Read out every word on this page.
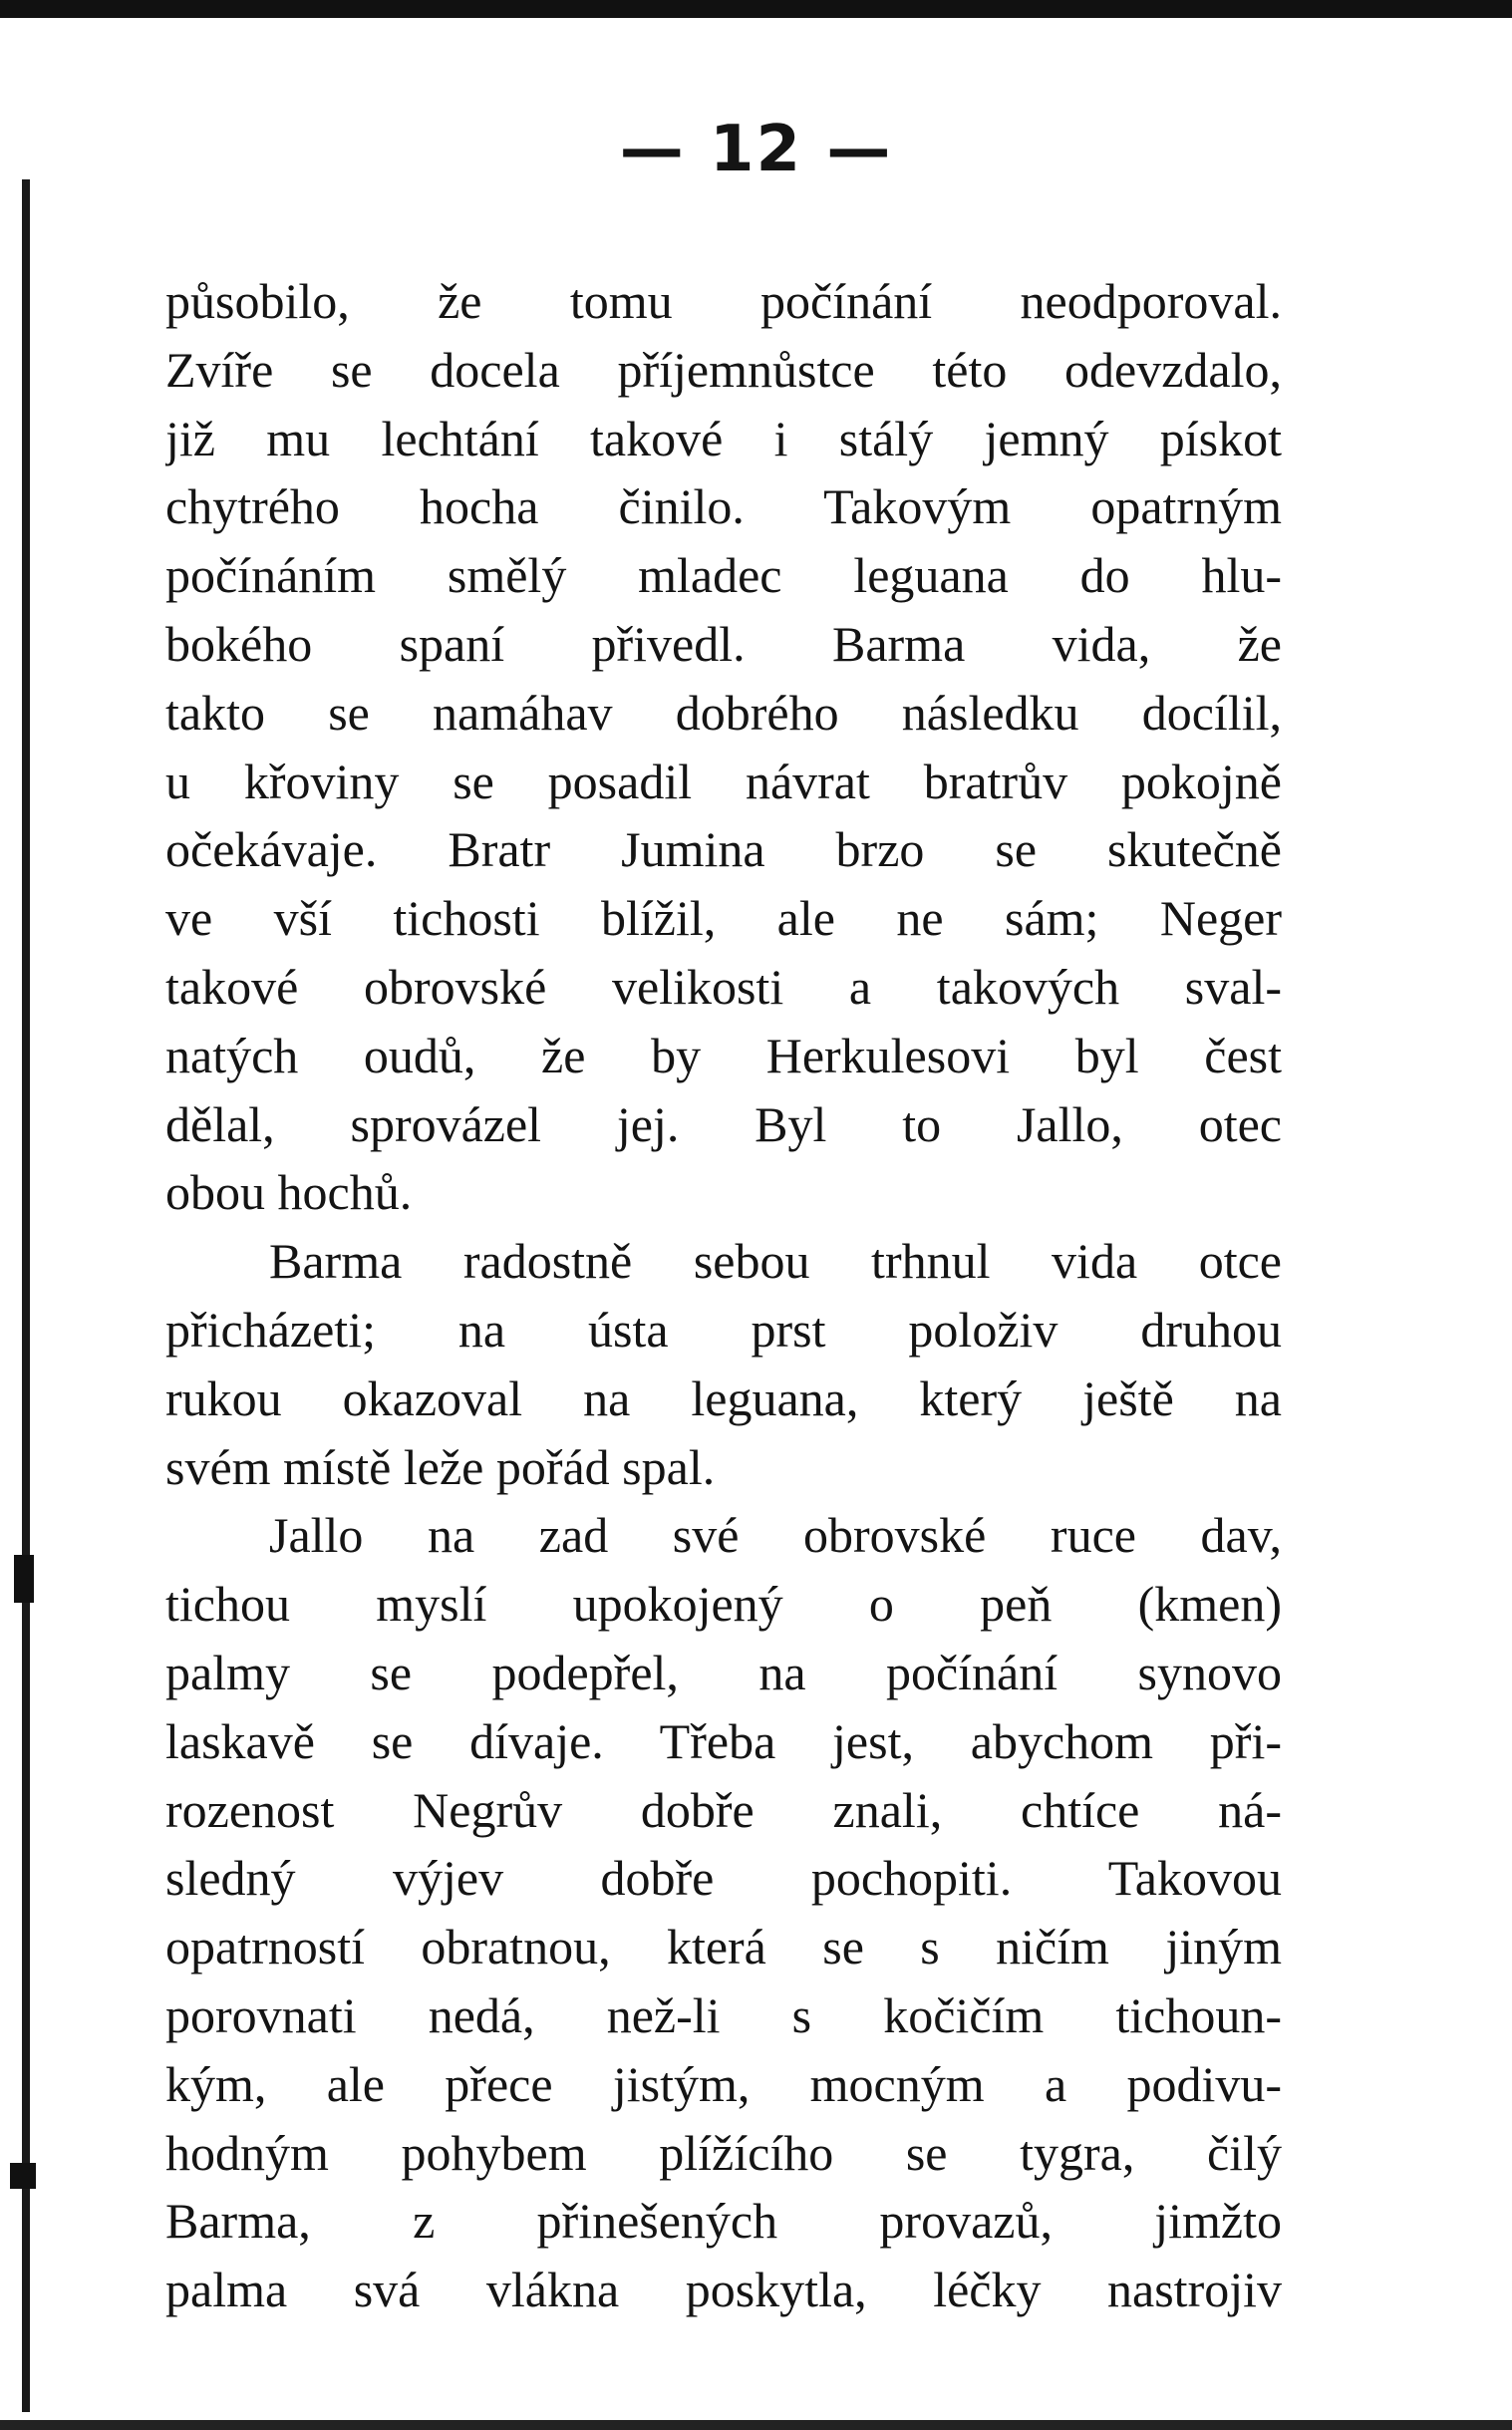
— 12 —
působilo, že tomu počínání neodporoval.
Zvíře se docela příjemnůstce této odevzdalo,
již mu lechtání takové i stálý jemný pískot
chytrého hocha činilo. Takovým opatrným
počínáním smělý mladec leguana do hlu-
bokého spaní přivedl. Barma vida, že
takto se namáhav dobrého následku docílil,
u křoviny se posadil návrat bratrův pokojně
očekávaje. Bratr Jumina brzo se skutečně
ve vší tichosti blížil, ale ne sám; Neger
takové obrovské velikosti a takových sval-
natých oudů, že by Herkulesovi byl čest
dělal, sprovázel jej. Byl to Jallo, otec
obou hochů.
Barma radostně sebou trhnul vida otce
přicházeti; na ústa prst položiv druhou
rukou okazoval na leguana, který ještě na
svém místě leže pořád spal.
Jallo na zad své obrovské ruce dav,
tichou myslí upokojený o peň (kmen)
palmy se podepřel, na počínání synovo
laskavě se dívaje. Třeba jest, abychom při-
rozenost Negrův dobře znali, chtíce ná-
sledný výjev dobře pochopiti. Takovou
opatrností obratnou, která se s ničím jiným
porovnati nedá, než-li s kočičím tichoun-
kým, ale přece jistým, mocným a podivu-
hodným pohybem plížícího se tygra, čilý
Barma, z přinešených provazů, jimžto
palma svá vlákna poskytla, léčky nastrojiv
